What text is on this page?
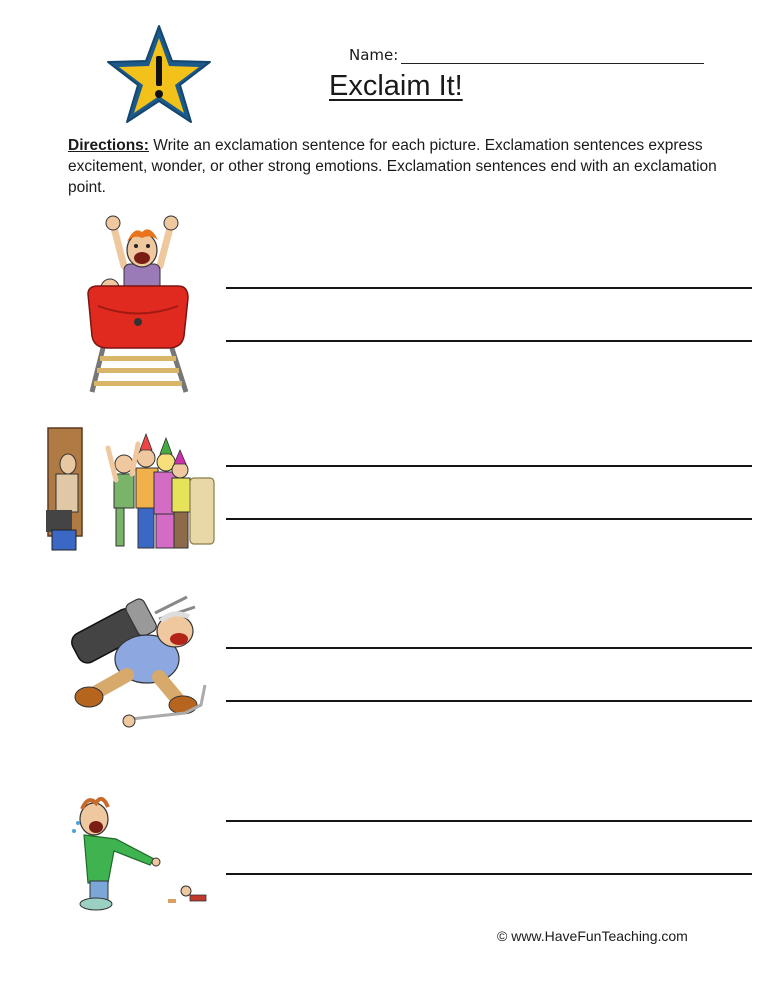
Name:
Exclaim It!
Directions: Write an exclamation sentence for each picture. Exclamation sentences express excitement, wonder, or other strong emotions. Exclamation sentences end with an exclamation point.
© www.HaveFunTeaching.com
